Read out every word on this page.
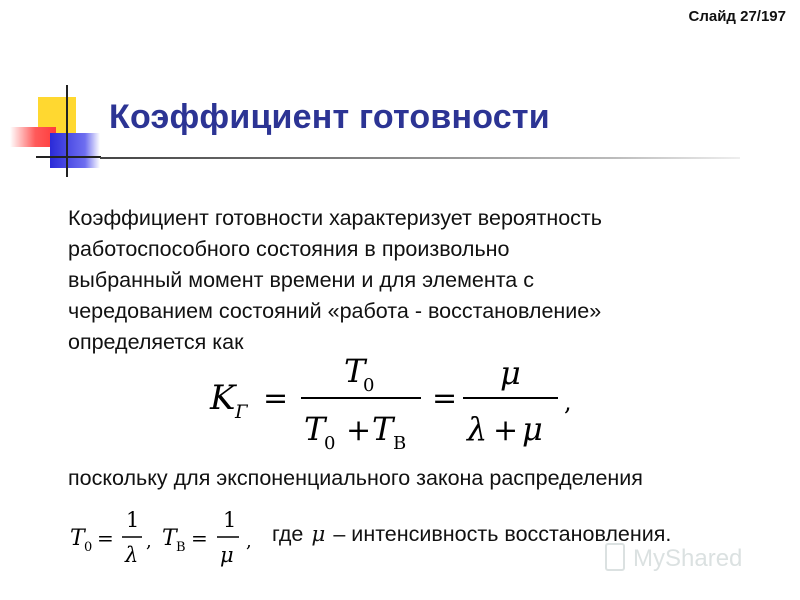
Слайд 27/197
Коэффициент готовности
Коэффициент готовности характеризует вероятность
работоспособного состояния в произвольно
выбранный момент времени и для элемента с
чередованием состояний «работа - восстановление»
определяется как
K Г =
T
0
T
0 + T В
=
μ
λ + μ
,
поскольку для экспоненциального закона распределения
T 0 =
1
λ
, T В =
1
μ
, где μ – интенсивность восстановления.
MyShared
